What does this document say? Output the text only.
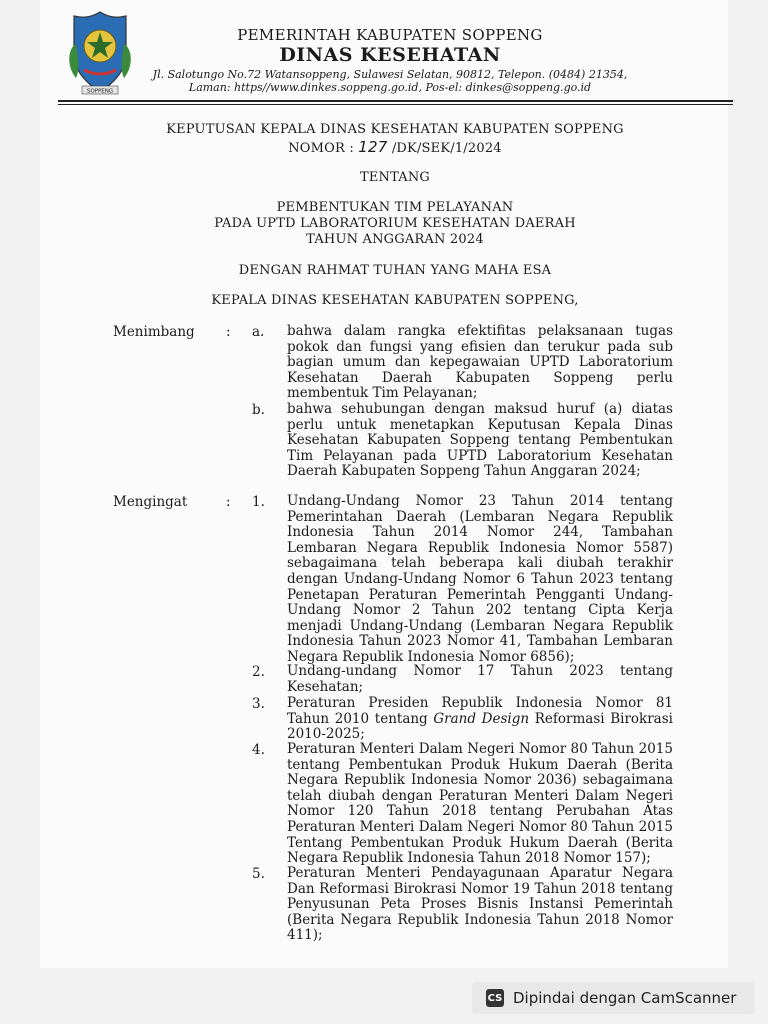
SOPPENG
PEMERINTAH KABUPATEN SOPPENG
DINAS KESEHATAN
Jl. Salotungo No.72 Watansoppeng, Sulawesi Selatan, 90812, Telepon. (0484) 21354,
Laman: https//www.dinkes.soppeng.go.id, Pos-el: dinkes@soppeng.go.id
KEPUTUSAN KEPALA DINAS KESEHATAN KABUPATEN SOPPENG
NOMOR : 127 /DK/SEK/1/2024
TENTANG
PEMBENTUKAN TIM PELAYANAN
PADA UPTD LABORATORIUM KESEHATAN DAERAH
TAHUN ANGGARAN 2024
DENGAN RAHMAT TUHAN YANG MAHA ESA
KEPALA DINAS KESEHATAN KABUPATEN SOPPENG,
Menimbang : a. bahwa dalam rangka efektifitas pelaksanaan tugas pokok dan fungsi yang efisien dan terukur pada sub bagian umum dan kepegawaian UPTD Laboratorium Kesehatan Daerah Kabupaten Soppeng perlu membentuk Tim Pelayanan;
b. bahwa sehubungan dengan maksud huruf (a) diatas perlu untuk menetapkan Keputusan Kepala Dinas Kesehatan Kabupaten Soppeng tentang Pembentukan Tim Pelayanan pada UPTD Laboratorium Kesehatan Daerah Kabupaten Soppeng Tahun Anggaran 2024;
Mengingat	: 1. Undang-Undang Nomor 23 Tahun 2014 tentang Pemerintahan Daerah (Lembaran Negara Republik Indonesia Tahun 2014 Nomor 244, Tambahan Lembaran Negara Republik Indonesia Nomor 5587) sebagaimana telah beberapa kali diubah terakhir dengan Undang-Undang Nomor 6 Tahun 2023 tentang Penetapan Peraturan Pemerintah Pengganti Undang-Undang Nomor 2 Tahun 202 tentang Cipta Kerja menjadi Undang-Undang (Lembaran Negara Republik Indonesia Tahun 2023 Nomor 41, Tambahan Lembaran Negara Republik Indonesia Nomor 6856);
2. Undang-undang Nomor 17 Tahun 2023 tentang Kesehatan;
3. Peraturan Presiden Republik Indonesia Nomor 81 Tahun 2010 tentang Grand Design Reformasi Birokrasi 2010-2025;
4. Peraturan Menteri Dalam Negeri Nomor 80 Tahun 2015 tentang Pembentukan Produk Hukum Daerah (Berita Negara Republik Indonesia Nomor 2036) sebagaimana telah diubah dengan Peraturan Menteri Dalam Negeri Nomor 120 Tahun 2018 tentang Perubahan Atas Peraturan Menteri Dalam Negeri Nomor 80 Tahun 2015 Tentang Pembentukan Produk Hukum Daerah (Berita Negara Republik Indonesia Tahun 2018 Nomor 157);
5. Peraturan Menteri Pendayagunaan Aparatur Negara Dan Reformasi Birokrasi Nomor 19 Tahun 2018 tentang Penyusunan Peta Proses Bisnis Instansi Pemerintah (Berita Negara Republik Indonesia Tahun 2018 Nomor 411);
CS Dipindai dengan CamScanner
